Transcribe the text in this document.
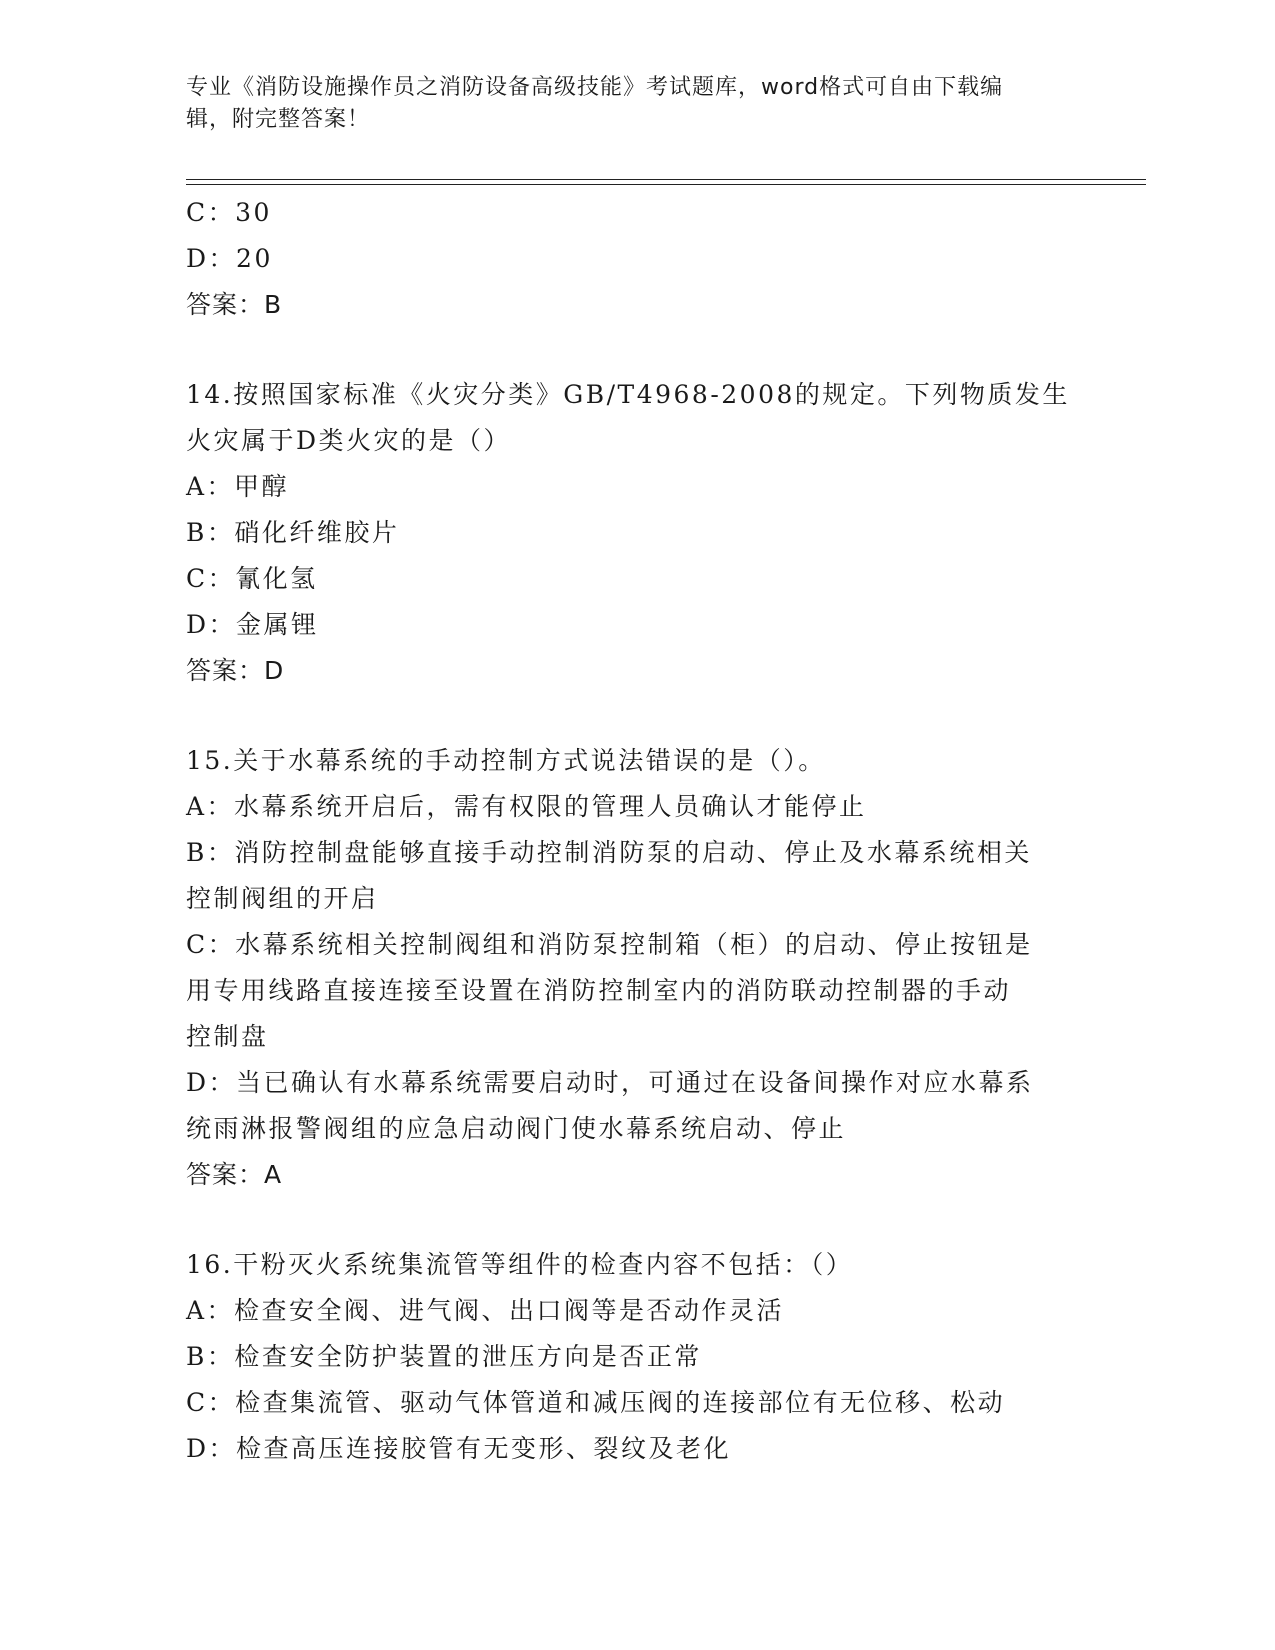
专业《消防设施操作员之消防设备高级技能》考试题库，word格式可自由下载编
辑，附完整答案！
C：30
D：20
答案：B
14.按照国家标准《火灾分类》GB/T4968-2008的规定。下列物质发生
火灾属于D类火灾的是（）
A：甲醇
B：硝化纤维胶片
C：氰化氢
D：金属锂
答案：D
15.关于水幕系统的手动控制方式说法错误的是（）。
A：水幕系统开启后，需有权限的管理人员确认才能停止
B：消防控制盘能够直接手动控制消防泵的启动、停止及水幕系统相关
控制阀组的开启
C：水幕系统相关控制阀组和消防泵控制箱（柜）的启动、停止按钮是
用专用线路直接连接至设置在消防控制室内的消防联动控制器的手动
控制盘
D：当已确认有水幕系统需要启动时，可通过在设备间操作对应水幕系
统雨淋报警阀组的应急启动阀门使水幕系统启动、停止
答案：A
16.干粉灭火系统集流管等组件的检查内容不包括：（）
A：检查安全阀、进气阀、出口阀等是否动作灵活
B：检查安全防护装置的泄压方向是否正常
C：检查集流管、驱动气体管道和减压阀的连接部位有无位移、松动
D：检查高压连接胶管有无变形、裂纹及老化
